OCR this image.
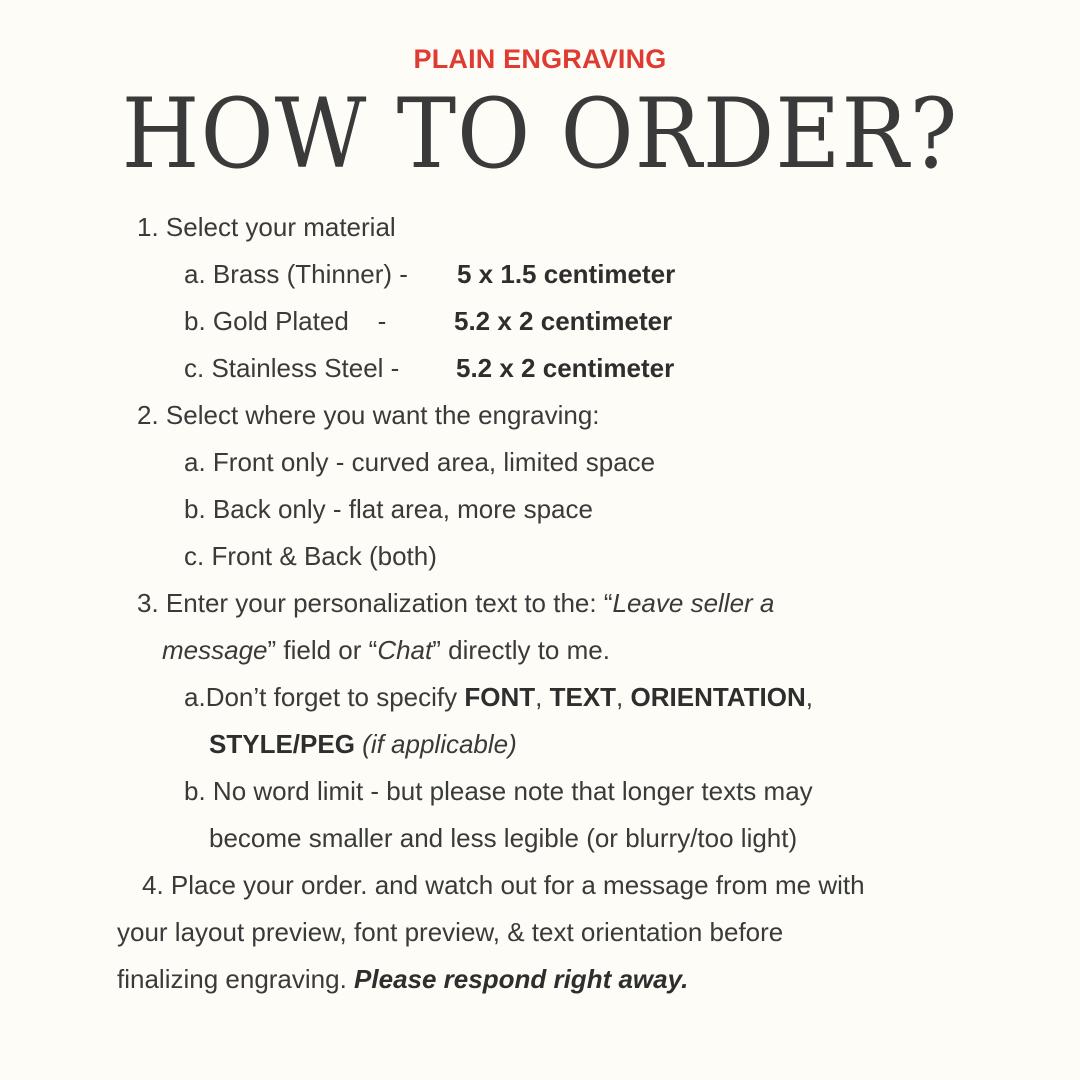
PLAIN ENGRAVING
HOW TO ORDER?
1. Select your material
a. Brass (Thinner) - 5 x 1.5 centimeter
b. Gold Plated    -	5.2 x 2 centimeter
c. Stainless Steel - 5.2 x 2 centimeter
2. Select where you want the engraving:
a. Front only - curved area, limited space
b. Back only - flat area, more space
c. Front & Back (both)
3. Enter your personalization text to the: “Leave seller a
message” field or “Chat” directly to me.
a.Don’t forget to specify FONT, TEXT, ORIENTATION,
STYLE/PEG (if applicable)
b. No word limit - but please note that longer texts may
become smaller and less legible (or blurry/too light)
4. Place your order. and watch out for a message from me with
your layout preview, font preview, & text orientation before
finalizing engraving. Please respond right away.
